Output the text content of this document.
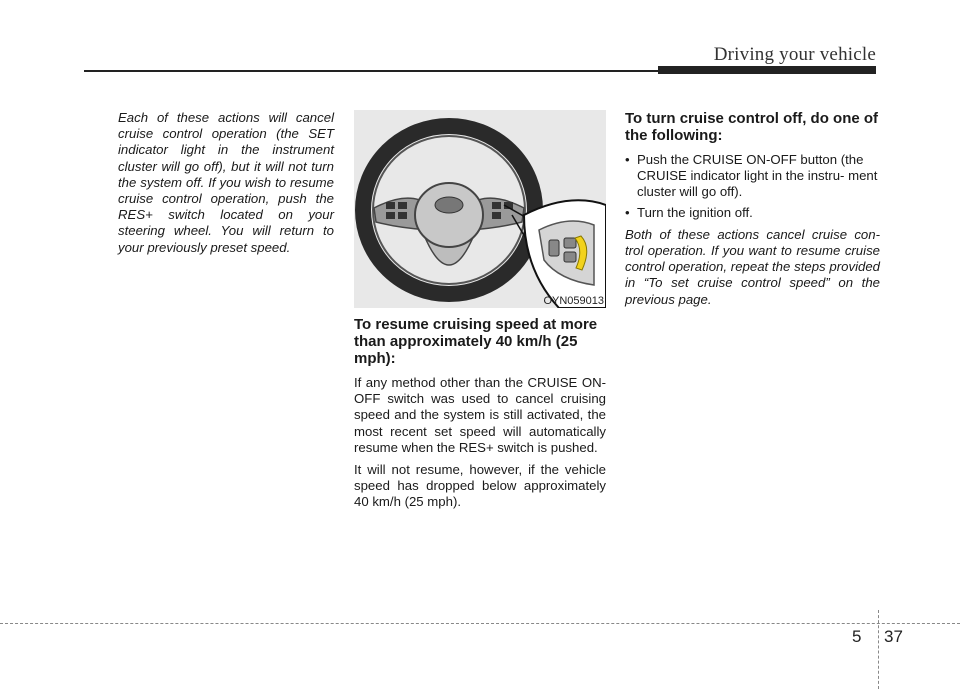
Driving your vehicle

Each of these actions will cancel cruise control operation (the SET indicator light in the instrument cluster will go off), but it will not turn the system off. If you wish to resume cruise control operation, push the RES+ switch located on your steering wheel. You will return to your previously preset speed.

OYN059013
To resume cruising speed at more than approximately 40 km/h (25 mph):

If any method other than the CRUISE ON-OFF switch was used to cancel cruising speed and the system is still activated, the most recent set speed will automatically resume when the RES+ switch is pushed.

It will not resume, however, if the vehicle speed has dropped below approximately 40 km/h (25 mph).

To turn cruise control off, do one of the following:
• Push the CRUISE ON-OFF button (the CRUISE indicator light in the instru- ment cluster will go off).
• Turn the ignition off.

Both of these actions cancel cruise con- trol operation. If you want to resume cruise control operation, repeat the steps provided in “To set cruise control speed” on the previous page.

5 37
